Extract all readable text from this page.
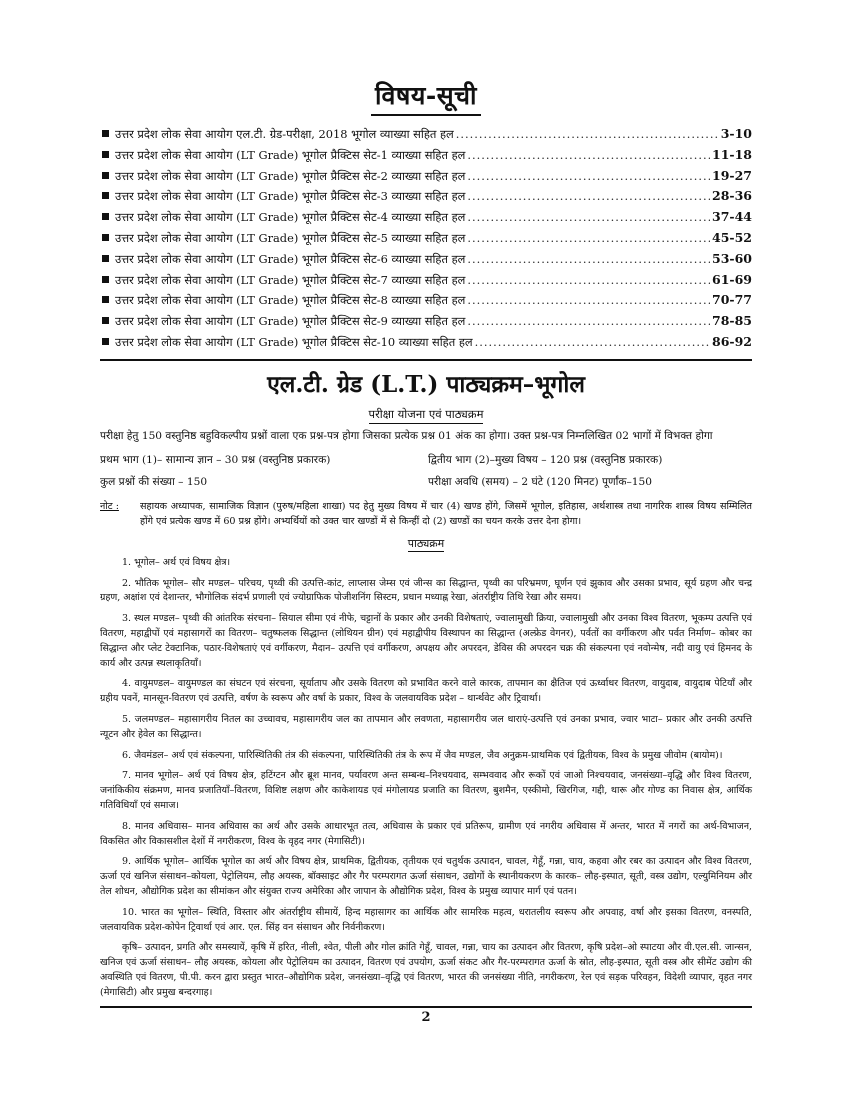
विषय-सूची
उत्तर प्रदेश लोक सेवा आयोग एल.टी. ग्रेड-परीक्षा, 2018 भूगोल व्याख्या सहित हल .....	3-10
उत्तर प्रदेश लोक सेवा आयोग (LT Grade) भूगोल प्रैक्टिस सेट-1 व्याख्या सहित हल .....	11-18
उत्तर प्रदेश लोक सेवा आयोग (LT Grade) भूगोल प्रैक्टिस सेट-2 व्याख्या सहित हल .....	19-27
उत्तर प्रदेश लोक सेवा आयोग (LT Grade) भूगोल प्रैक्टिस सेट-3 व्याख्या सहित हल .....	28-36
उत्तर प्रदेश लोक सेवा आयोग (LT Grade) भूगोल प्रैक्टिस सेट-4 व्याख्या सहित हल .....	37-44
उत्तर प्रदेश लोक सेवा आयोग (LT Grade) भूगोल प्रैक्टिस सेट-5 व्याख्या सहित हल .....	45-52
उत्तर प्रदेश लोक सेवा आयोग (LT Grade) भूगोल प्रैक्टिस सेट-6 व्याख्या सहित हल .....	53-60
उत्तर प्रदेश लोक सेवा आयोग (LT Grade) भूगोल प्रैक्टिस सेट-7 व्याख्या सहित हल .....	61-69
उत्तर प्रदेश लोक सेवा आयोग (LT Grade) भूगोल प्रैक्टिस सेट-8 व्याख्या सहित हल .....	70-77
उत्तर प्रदेश लोक सेवा आयोग (LT Grade) भूगोल प्रैक्टिस सेट-9 व्याख्या सहित हल .....	78-85
उत्तर प्रदेश लोक सेवा आयोग (LT Grade) भूगोल प्रैक्टिस सेट-10 व्याख्या सहित हल .....	86-92
एल.टी. ग्रेड (L.T.) पाठ्यक्रम–भूगोल
परीक्षा योजना एवं पाठ्यक्रम

परीक्षा हेतु 150 वस्तुनिष्ठ बहुविकल्पीय प्रश्नों वाला एक प्रश्न-पत्र होगा जिसका प्रत्येक प्रश्न 01 अंक का होगा। उक्त प्रश्न-पत्र निम्नलिखित 02 भागों में विभक्त होगा

प्रथम भाग (1)– सामान्य ज्ञान – 30 प्रश्न (वस्तुनिष्ठ प्रकारक)	द्वितीय भाग (2)–मुख्य विषय – 120 प्रश्न (वस्तुनिष्ठ प्रकारक)
कुल प्रश्नों की संख्या – 150	परीक्षा अवधि (समय) – 2 घंटे (120 मिनट) पूर्णांक–150
नोट :	सहायक अध्यापक, सामाजिक विज्ञान (पुरुष/महिला शाखा) पद हेतु मुख्य विषय में चार (4) खण्ड होंगे, जिसमें भूगोल, इतिहास, अर्थशास्त्र तथा नागरिक शास्त्र विषय सम्मिलित होंगे एवं प्रत्येक खण्ड में 60 प्रश्न होंगे। अभ्यर्थियों को उक्त चार खण्डों में से किन्हीं दो (2) खण्डों का चयन करके उत्तर देना होगा।
पाठ्यक्रम

1. भूगोल– अर्थ एवं विषय क्षेत्र।

2. भौतिक भूगोल– सौर मण्डल– परिचय, पृथ्वी की उत्पत्ति-कांट, लाप्लास जेम्स एवं जीन्स का सिद्धान्त, पृथ्वी का परिभ्रमण, घूर्णन एवं झुकाव और उसका प्रभाव, सूर्य ग्रहण और चन्द्र ग्रहण, अक्षांश एवं देशान्तर, भौगोलिक संदर्भ प्रणाली एवं ज्योग्राफिक पोजीशनिंग सिस्टम, प्रधान मध्याह्न रेखा, अंतर्राष्ट्रीय तिथि रेखा और समय।

3. स्थल मण्डल– पृथ्वी की आंतरिक संरचना– सियाल सीमा एवं नीफे, चट्टानों के प्रकार और उनकी विशेषताएं, ज्वालामुखी क्रिया, ज्वालामुखी और उनका विश्व वितरण, भूकम्प उत्पत्ति एवं वितरण, महाद्वीपों एवं महासागरों का वितरण– चतुष्फलक सिद्धान्त (लोथियन ग्रीन) एवं महाद्वीपीय विस्थापन का सिद्धान्त (अल्फ्रेड वेगनर), पर्वतों का वर्गीकरण और पर्वत निर्माण– कोबर का सिद्धान्त और प्लेट टेक्टानिक, पठार-विशेषताएं एवं वर्गीकरण, मैदान– उत्पत्ति एवं वर्गीकरण, अपक्षय और अपरदन, डेविस की अपरदन चक्र की संकल्पना एवं नवोन्मेष, नदी वायु एवं हिमनद के कार्य और उत्पन्न स्थलाकृतियाँ।

4. वायुमण्डल– वायुमण्डल का संघटन एवं संरचना, सूर्याताप और उसके वितरण को प्रभावित करने वाले कारक, तापमान का क्षैतिज एवं ऊर्ध्वाधर वितरण, वायुदाब, वायुदाब पेटियाँ और ग्रहीय पवनें, मानसून-वितरण एवं उत्पत्ति, वर्षण के स्वरूप और वर्षा के प्रकार, विश्व के जलवायविक प्रदेश – थार्न्थवेट और ट्रिवार्था।

5. जलमण्डल– महासागरीय नितल का उच्चावच, महासागरीय जल का तापमान और लवणता, महासागरीय जल धाराएं-उत्पत्ति एवं उनका प्रभाव, ज्वार भाटा– प्रकार और उनकी उत्पत्ति न्यूटन और हेवेल का सिद्धान्त।

6. जैवमंडल– अर्थ एवं संकल्पना, पारिस्थितिकी तंत्र की संकल्पना, पारिस्थितिकी तंत्र के रूप में जैव मण्डल, जैव अनुक्रम-प्राथमिक एवं द्वितीयक, विश्व के प्रमुख जीवोम (बायोम)।

7. मानव भूगोल– अर्थ एवं विषय क्षेत्र, हटिंग्टन और ब्रूश मानव, पर्यावरण अन्त सम्बन्ध–निश्चयवाद, सम्भववाद और रूकों एवं जाओ निश्चयवाद, जनसंख्या–वृद्धि और विश्व वितरण, जनांकिकीय संक्रमण, मानव प्रजातियाँ–वितरण, विशिष्ट लक्षण और काकेशायड एवं मंगोलायड प्रजाति का वितरण, बुशमैन, एस्कीमो, खिरगिज, गद्दी, थारू और गोण्ड का निवास क्षेत्र, आर्थिक गतिविधियाँ एवं समाज।

8. मानव अधिवास– मानव अधिवास का अर्थ और उसके आधारभूत तत्व, अधिवास के प्रकार एवं प्रतिरूप, ग्रामीण एवं नगरीय अधिवास में अन्तर, भारत में नगरों का अर्थ-विभाजन, विकसित और विकासशील देशों में नगरीकरण, विश्व के वृहद नगर (मेगासिटी)।

9. आर्थिक भूगोल– आर्थिक भूगोल का अर्थ और विषय क्षेत्र, प्राथमिक, द्वितीयक, तृतीयक एवं चतुर्थक उत्पादन, चावल, गेहूँ, गन्ना, चाय, कहवा और रबर का उत्पादन और विश्व वितरण, ऊर्जा एवं खनिज संसाधन–कोयला, पेट्रोलियम, लौह अयस्क, बॉक्साइट और गैर परम्परागत ऊर्जा संसाधन, उद्योगों के स्थानीयकरण के कारक– लौह-इस्पात, सूती, वस्त्र उद्योग, एल्युमिनियम और तेल शोधन, औद्योगिक प्रदेश का सीमांकन और संयुक्त राज्य अमेरिका और जापान के औद्योगिक प्रदेश, विश्व के प्रमुख व्यापार मार्ग एवं पतन।

10. भारत का भूगोल– स्थिति, विस्तार और अंतर्राष्ट्रीय सीमायें, हिन्द महासागर का आर्थिक और सामरिक महत्व, धरातलीय स्वरूप और अपवाह, वर्षा और इसका वितरण, वनस्पति, जलवायविक प्रदेश-कोपेन ट्रिवार्था एवं आर. एल. सिंह वन संसाधन और निर्वनीकरण।

कृषि– उत्पादन, प्रगति और समस्यायें, कृषि में हरित, नीली, श्वेत, पीली और गोल क्रांति गेहूँ, चावल, गन्ना, चाय का उत्पादन और वितरण, कृषि प्रदेश–ओ स्पाटया और वी.एल.सी. जान्सन, खनिज एवं ऊर्जा संसाधन– लौह अयस्क, कोयला और पेट्रोलियम का उत्पादन, वितरण एवं उपयोग, ऊर्जा संकट और गैर-परम्परागत ऊर्जा के स्रोत, लौह-इस्पात, सूती वस्त्र और सीमेंट उद्योग की अवस्थिति एवं वितरण, पी.पी. करन द्वारा प्रस्तुत भारत–औद्योगिक प्रदेश, जनसंख्या–वृद्धि एवं वितरण, भारत की जनसंख्या नीति, नगरीकरण, रेल एवं सड़क परिवहन, विदेशी व्यापार, वृहत नगर (मेगासिटी) और प्रमुख बन्दरगाह।

2
